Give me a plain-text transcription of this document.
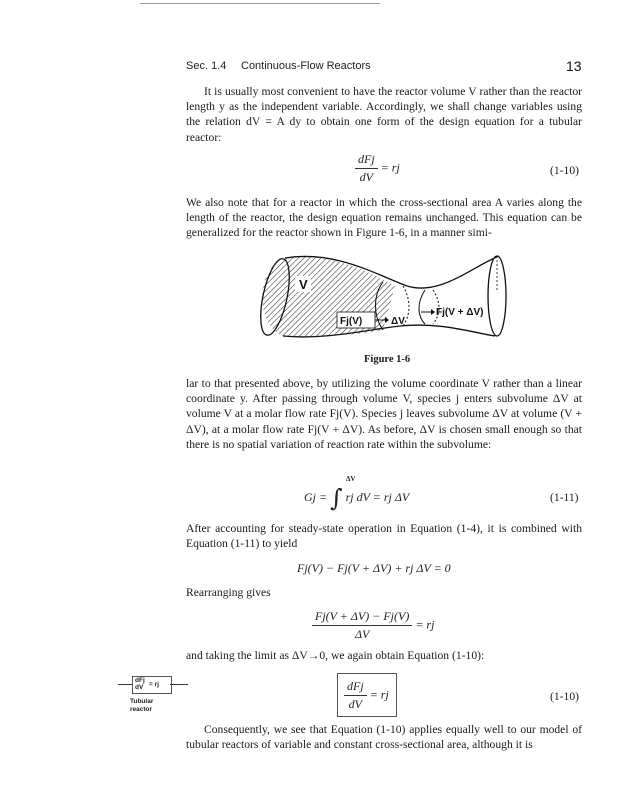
Sec. 1.4 Continuous-Flow Reactors	13

It is usually most convenient to have the reactor volume V rather than the reactor length y as the independent variable. Accordingly, we shall change variables using the relation dV = A dy to obtain one form of the design equation for a tubular reactor:

$\frac{\text{dFj}}{dV}$ = rj	(1-10)

We also note that for a reactor in which the cross-sectional area A varies along the length of the reactor, the design equation remains unchanged. This equation can be generalized for the reactor shown in Figure 1-6, in a manner simi-

V
Fj(V)	ΔV
Fj(V + ΔV)
Figure 1-6

lar to that presented above, by utilizing the volume coordinate V rather than a linear coordinate y. After passing through volume V, species j enters subvolume ΔV at volume V at a molar flow rate Fj(V). Species j leaves subvolume ΔV at volume (V + ΔV), at a molar flow rate Fj(V + ΔV). As before, ΔV is chosen small enough so that there is no spatial variation of reaction rate within the subvolume:

Gj = ∫ rj dV = rj ΔV
ΔV
(1-11)

After accounting for steady-state operation in Equation (1-4), it is combined with Equation (1-11) to yield

Fj(V) − Fj(V + ΔV) + rj ΔV = 0

Rearranging gives

$\frac{Fj(V + \Delta V) - Fj(V)}{\Delta V}$ = rj

and taking the limit as ΔV→0, we again obtain Equation (1-10):

dFj
dV = rj
Tubular
reactor	$\frac{\text{dFj}}{dV}$ = rj	(1-10)

Consequently, we see that Equation (1-10) applies equally well to our model of tubular reactors of variable and constant cross-sectional area, although it is
